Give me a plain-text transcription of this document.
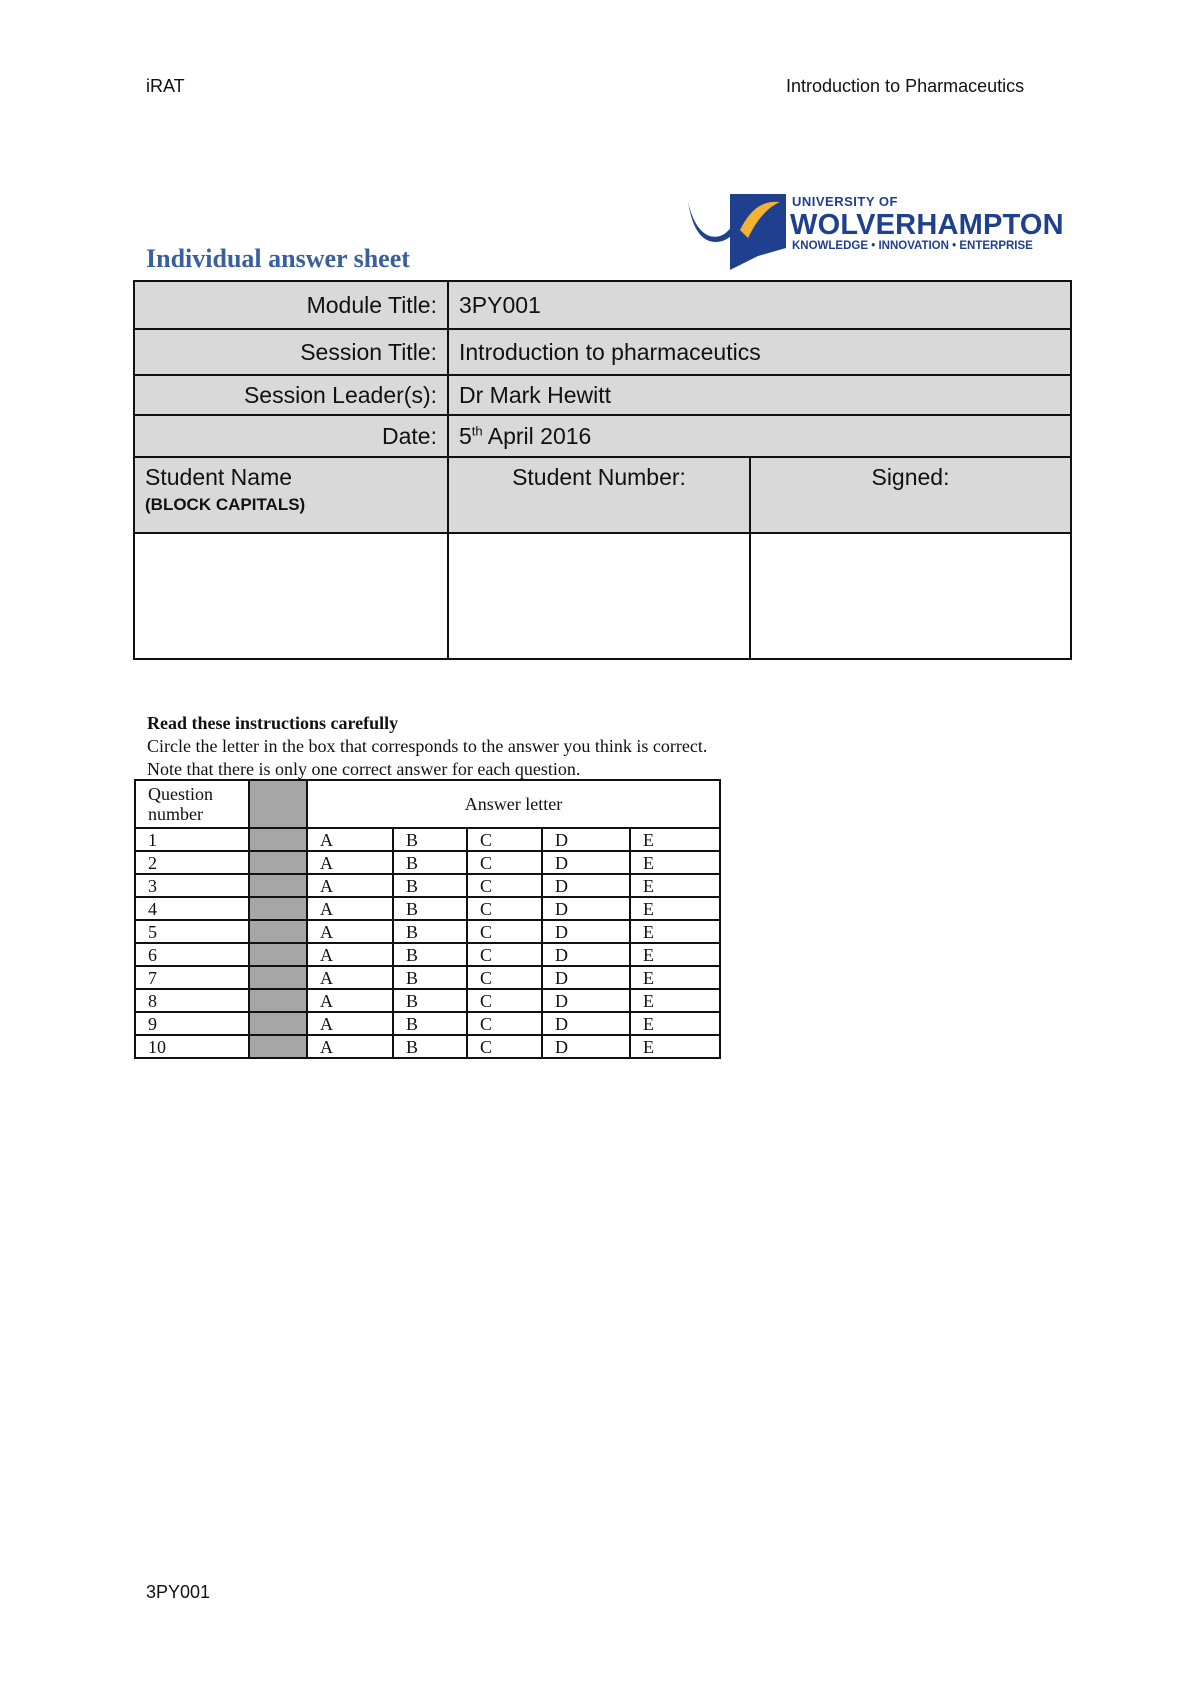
iRAT	Introduction to Pharmaceutics
UNIVERSITY OF
WOLVERHAMPTON
KNOWLEDGE • INNOVATION • ENTERPRISE
Individual answer sheet
Module Title:	3PY001	
Session Title:	Introduction to pharmaceutics	
Session Leader(s):	Dr Mark Hewitt	
Date:	5th April 2016	
Student Name
(BLOCK CAPITALS)	Student Number:	Signed:

Read these instructions carefully
Circle the letter in the box that corresponds to the answer you think is correct.
Note that there is only one correct answer for each question.
Question
number		Answer letter				
1		A	B	C	D	E
2		A	B	C	D	E
3		A	B	C	D	E
4		A	B	C	D	E
5		A	B	C	D	E
6		A	B	C	D	E
7		A	B	C	D	E
8		A	B	C	D	E
9		A	B	C	D	E
10		A	B	C	D	E
3PY001
